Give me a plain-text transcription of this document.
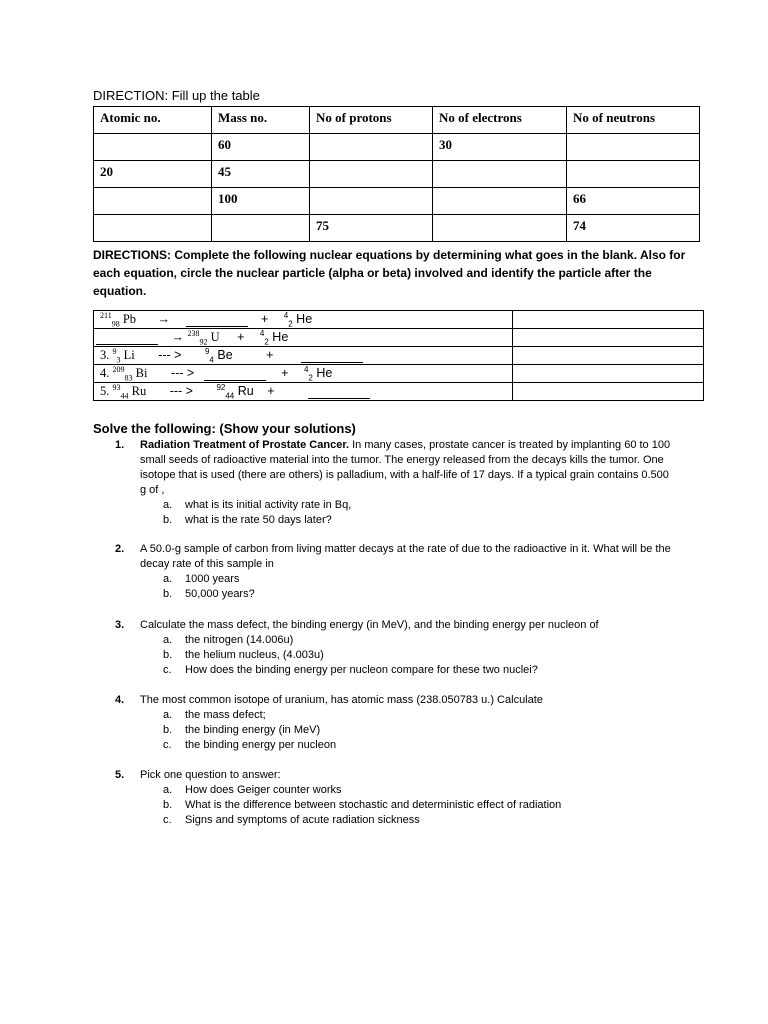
DIRECTION: Fill up the table
Atomic no.	Mass no.	No of protons	No of electrons	No of neutrons
	60		30	
20	45			
	100			66
		75		74
DIRECTIONS: Complete the following nuclear equations by determining what goes in the blank. Also for each equation, circle the nuclear particle (alpha or beta) involved and identify the particle after the equation.
$^{211}_{98}$ Pb → + $^4_2$ He	
→ $^{238}_{92}$ U + $^4_2$ He	
3. $^9_3$ Li --- > $^9_4$ Be +	
4. $^{209}_{83}$ Bi --- > + $^4_2$ He	
5. $^{93}_{44}$ Ru --- > $^{92}_{44}$ Ru +	
Solve the following: (Show your solutions)
1. Radiation Treatment of Prostate Cancer. In many cases, prostate cancer is treated by implanting 60 to 100 small seeds of radioactive material into the tumor. The energy released from the decays kills the tumor. One isotope that is used (there are others) is palladium, with a half-life of 17 days. If a typical grain contains 0.500 g of ,
a. what is its initial activity rate in Bq,
b. what is the rate 50 days later?
2. A 50.0-g sample of carbon from living matter decays at the rate of due to the radioactive in it. What will be the decay rate of this sample in
a. 1000 years
b. 50,000 years?
3. Calculate the mass defect, the binding energy (in MeV), and the binding energy per nucleon of
a. the nitrogen (14.006u)
b. the helium nucleus, (4.003u)
c. How does the binding energy per nucleon compare for these two nuclei?
4. The most common isotope of uranium, has atomic mass (238.050783 u.) Calculate
a. the mass defect;
b. the binding energy (in MeV)
c. the binding energy per nucleon
5. Pick one question to answer:
a. How does Geiger counter works
b. What is the difference between stochastic and deterministic effect of radiation
c. Signs and symptoms of acute radiation sickness
